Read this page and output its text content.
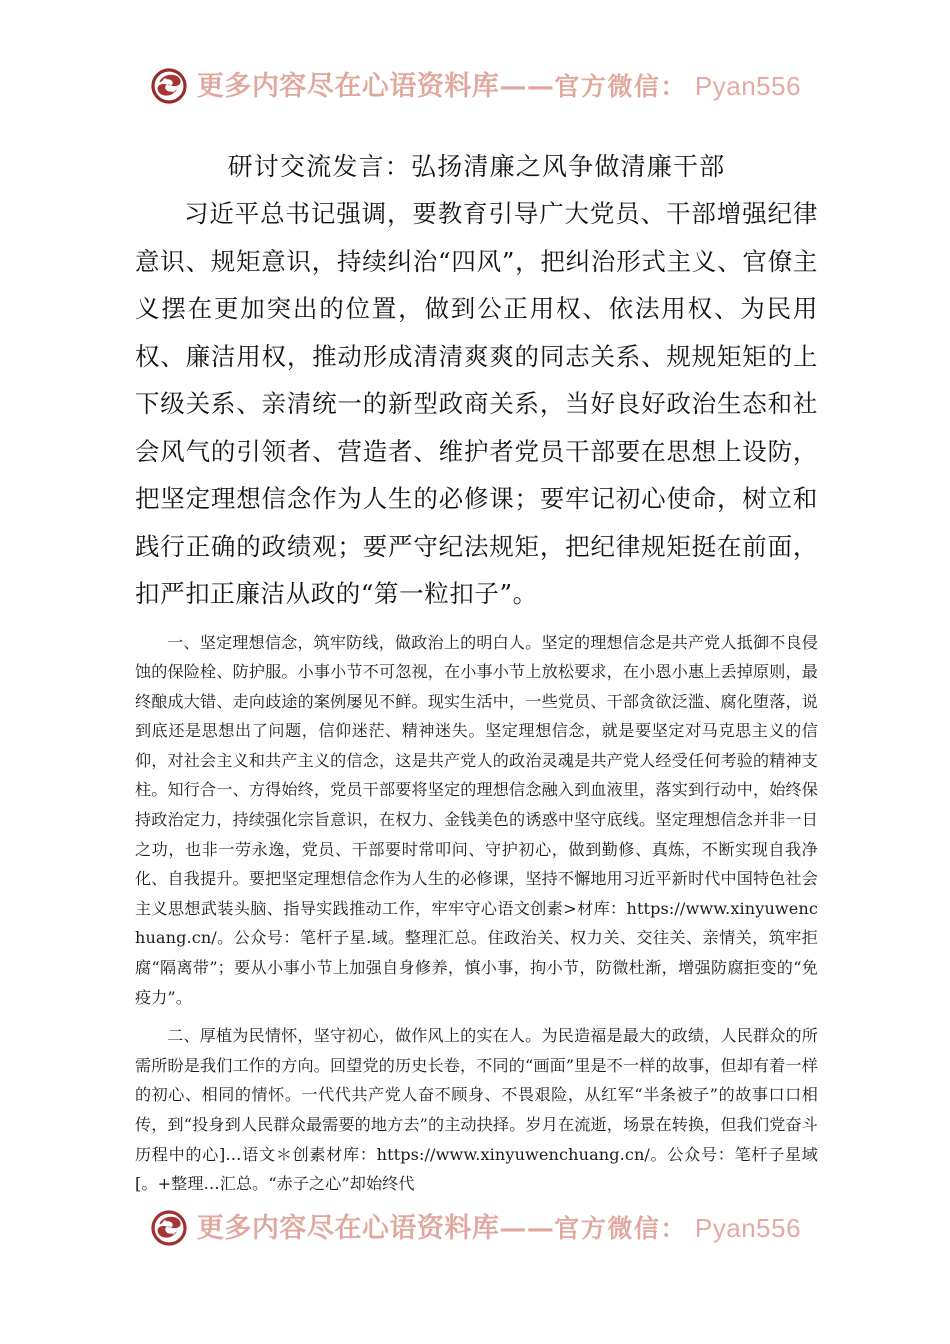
更多内容尽在心语资料库——官方微信： Pyan556
研讨交流发言：弘扬清廉之风争做清廉干部

习近平总书记强调，要教育引导广大党员、干部增强纪律意识、规矩意识，持续纠治“四风”，把纠治形式主义、官僚主义摆在更加突出的位置，做到公正用权、依法用权、为民用权、廉洁用权，推动形成清清爽爽的同志关系、规规矩矩的上下级关系、亲清统一的新型政商关系，当好良好政治生态和社会风气的引领者、营造者、维护者党员干部要在思想上设防，把坚定理想信念作为人生的必修课；要牢记初心使命，树立和践行正确的政绩观；要严守纪法规矩，把纪律规矩挺在前面，扣严扣正廉洁从政的“第一粒扣子”。

一、坚定理想信念，筑牢防线，做政治上的明白人。坚定的理想信念是共产党人抵御不良侵蚀的保险栓、防护服。小事小节不可忽视，在小事小节上放松要求，在小恩小惠上丢掉原则，最终酿成大错、走向歧途的案例屡见不鲜。现实生活中，一些党员、干部贪欲泛滥、腐化堕落，说到底还是思想出了问题，信仰迷茫、精神迷失。坚定理想信念，就是要坚定对马克思主义的信仰，对社会主义和共产主义的信念，这是共产党人的政治灵魂是共产党人经受任何考验的精神支柱。知行合一、方得始终，党员干部要将坚定的理想信念融入到血液里，落实到行动中，始终保持政治定力，持续强化宗旨意识，在权力、金钱美色的诱惑中坚守底线。坚定理想信念并非一日之功，也非一劳永逸，党员、干部要时常叩问、守护初心，做到勤修、真炼，不断实现自我净化、自我提升。要把坚定理想信念作为人生的必修课，坚持不懈地用习近平新时代中国特色社会主义思想武装头脑、指导实践推动工作，牢牢守心语文创素>材库：https://www.xinyuwenchuang.cn/。公众号：笔杆子星.域。整理汇总。住政治关、权力关、交往关、亲情关，筑牢拒腐“隔离带”；要从小事小节上加强自身修养，慎小事，拘小节，防微杜渐，增强防腐拒变的“免疫力”。

二、厚植为民情怀，坚守初心，做作风上的实在人。为民造福是最大的政绩，人民群众的所需所盼是我们工作的方向。回望党的历史长卷，不同的“画面”里是不一样的故事，但却有着一样的初心、相同的情怀。一代代共产党人奋不顾身、不畏艰险，从红军“半条被子”的故事口口相传，到“投身到人民群众最需要的地方去”的主动抉择。岁月在流逝，场景在转换，但我们党奋斗历程中的心]…语文＊创素材库：https://www.xinyuwenchuang.cn/。公众号：笔杆子星域[。+整理…汇总。“赤子之心”却始终代

更多内容尽在心语资料库——官方微信： Pyan556
